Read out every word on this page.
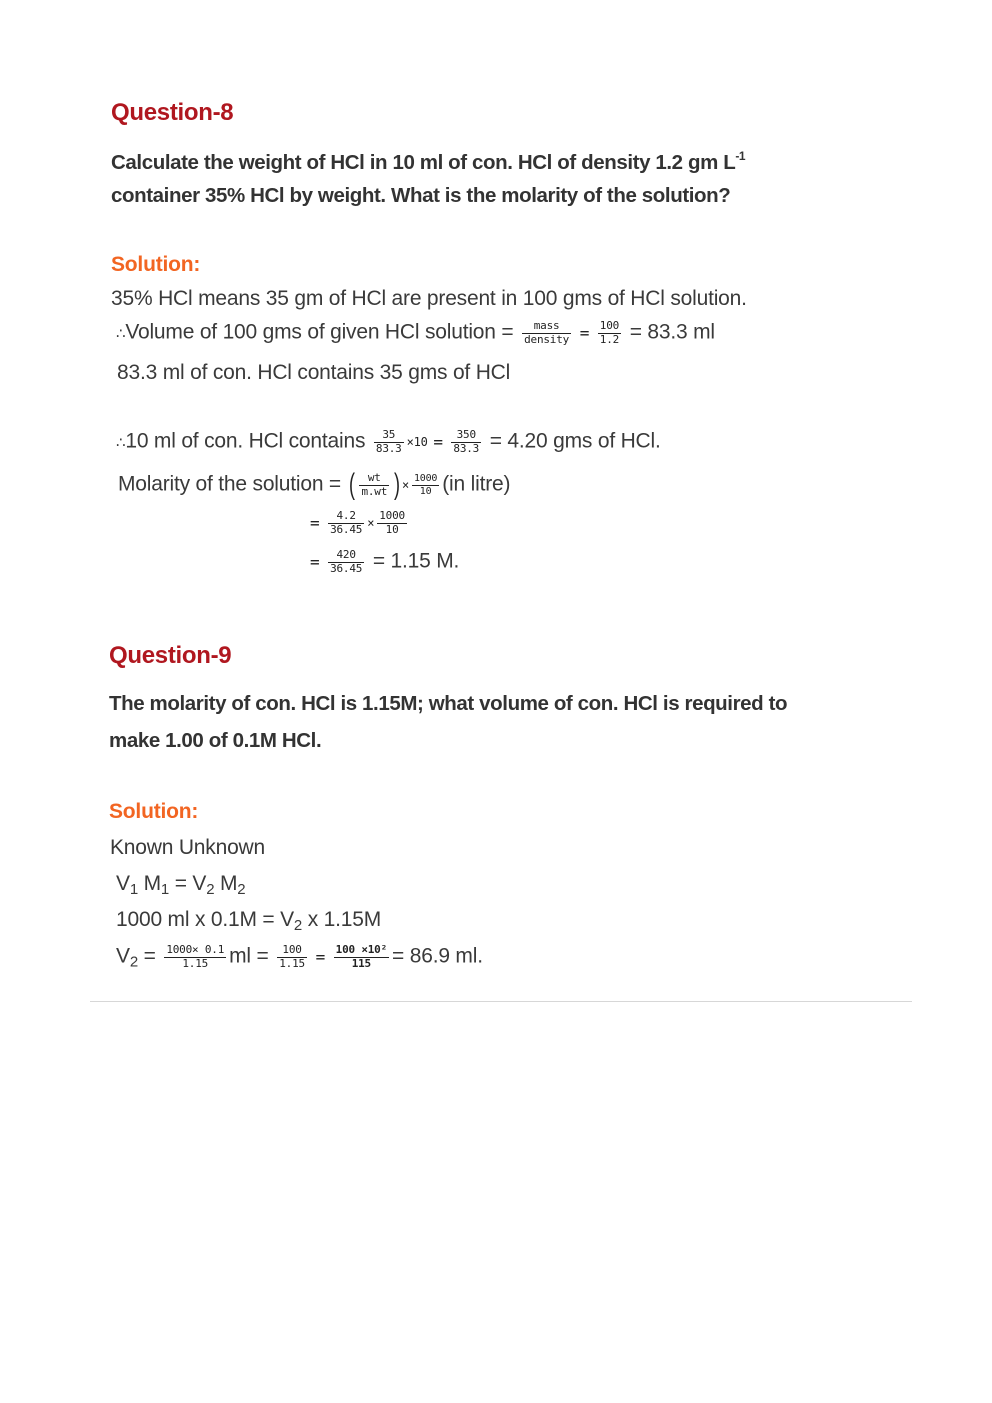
Question-8
Calculate the weight of HCl in 10 ml of con. HCl of density 1.2 gm $L^{-1}$
container 35% HCl by weight. What is the molarity of the solution?
Solution:
35% HCl means 35 gm of HCl are present in 100 gms of HCl solution.
∴Volume of 100 gms of given HCl solution = $\frac{\text{mass}}{\text{density}} = \frac{100}{1.2} = 83.3$ ml
83.3 ml of con. HCl contains 35 gms of HCl
∴10 ml of con. HCl contains $\frac{35}{83.3} \times 10 = \frac{350}{83.3} = 4.20$ gms of HCl.
Molarity of the solution = ( $\frac{wt}{m.wt}$ ) × $\frac{1000}{10} (in$ litre)
= $\frac{4.2}{36.45} \times \frac{1000}{10}$
= $\frac{420}{36.45} = 1.15$ M.
Question-9
The molarity of con. HCl is 1.15M; what volume of con. HCl is required to
make 1.00 of 0.1M HCl.
Solution:
Known Unknown
$V_1$ $M_1 = V_2$ $M_2$
1000 ml x $0.1M = V_2$ x 1.15M
$V_2 = \frac{1000\times 0.1}{1.15}$ ml = $\frac{100}{1.15} = \frac{\text{100 ×10²}}{115} = 86.9$ ml.
